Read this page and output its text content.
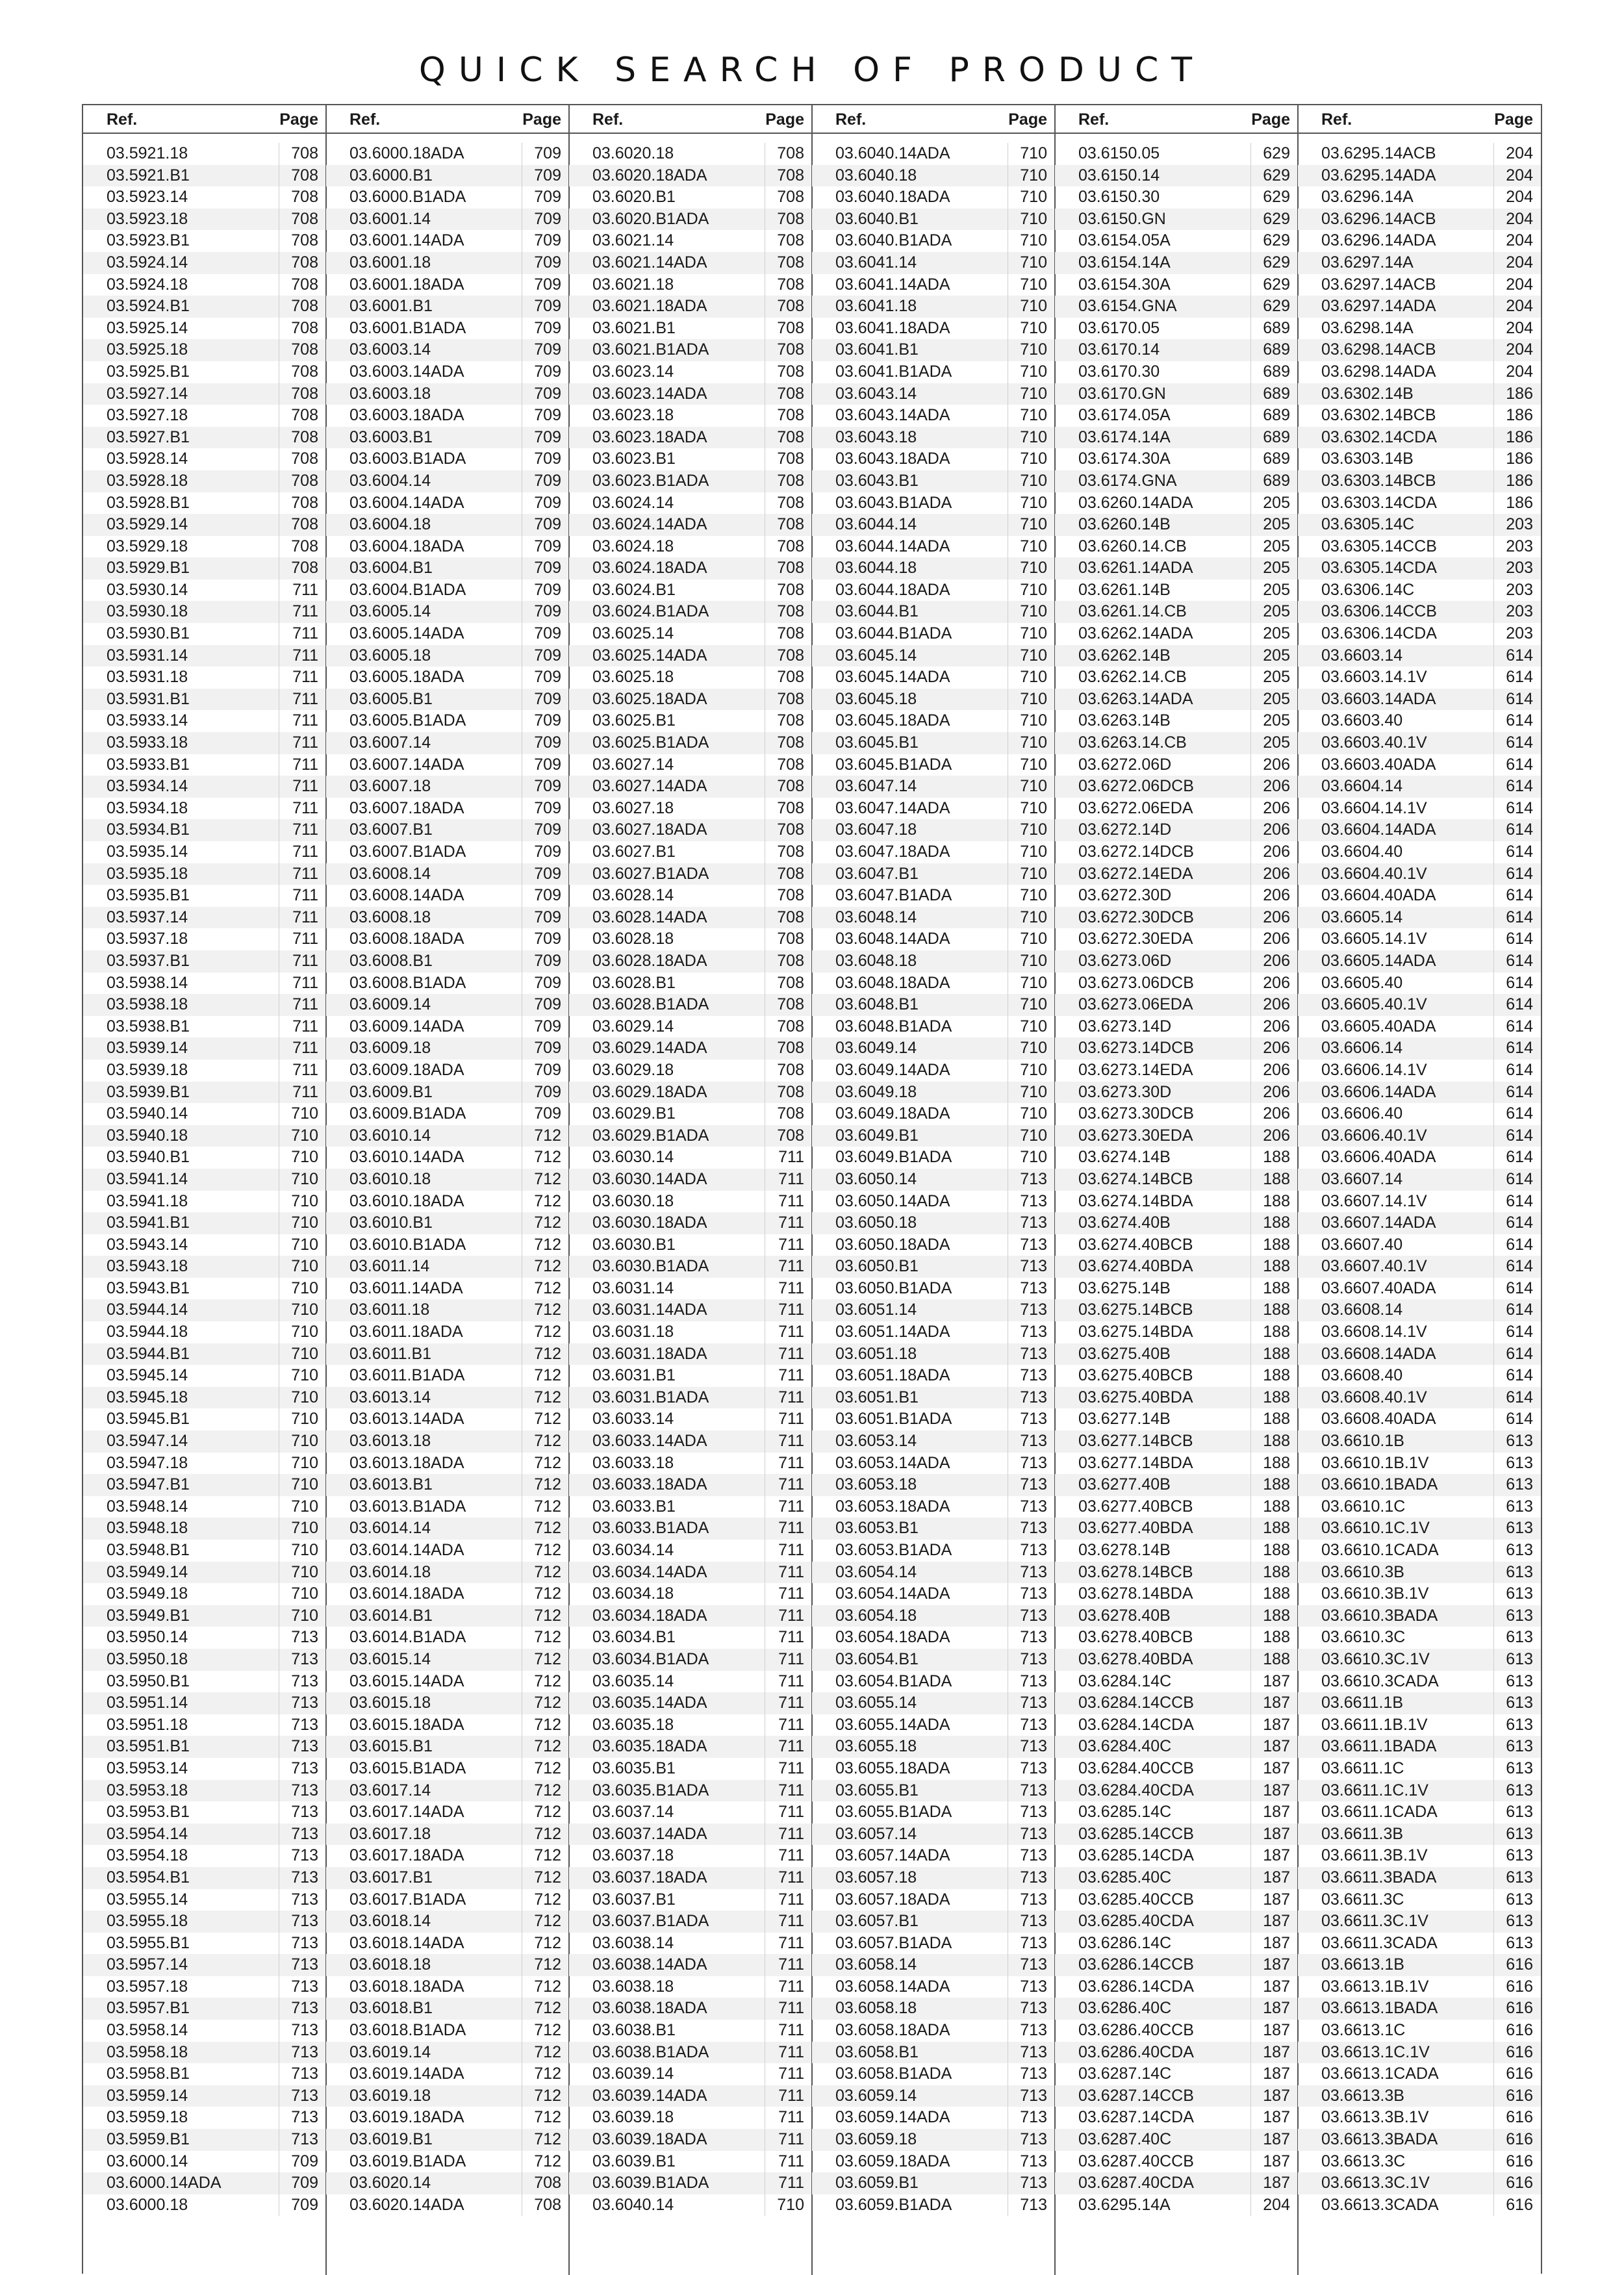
QUICK SEARCH OF PRODUCT
Ref.	Page
03.5921.18	708
03.5921.B1	708
03.5923.14	708
03.5923.18	708
03.5923.B1	708
03.5924.14	708
03.5924.18	708
03.5924.B1	708
03.5925.14	708
03.5925.18	708
03.5925.B1	708
03.5927.14	708
03.5927.18	708
03.5927.B1	708
03.5928.14	708
03.5928.18	708
03.5928.B1	708
03.5929.14	708
03.5929.18	708
03.5929.B1	708
03.5930.14	711
03.5930.18	711
03.5930.B1	711
03.5931.14	711
03.5931.18	711
03.5931.B1	711
03.5933.14	711
03.5933.18	711
03.5933.B1	711
03.5934.14	711
03.5934.18	711
03.5934.B1	711
03.5935.14	711
03.5935.18	711
03.5935.B1	711
03.5937.14	711
03.5937.18	711
03.5937.B1	711
03.5938.14	711
03.5938.18	711
03.5938.B1	711
03.5939.14	711
03.5939.18	711
03.5939.B1	711
03.5940.14	710
03.5940.18	710
03.5940.B1	710
03.5941.14	710
03.5941.18	710
03.5941.B1	710
03.5943.14	710
03.5943.18	710
03.5943.B1	710
03.5944.14	710
03.5944.18	710
03.5944.B1	710
03.5945.14	710
03.5945.18	710
03.5945.B1	710
03.5947.14	710
03.5947.18	710
03.5947.B1	710
03.5948.14	710
03.5948.18	710
03.5948.B1	710
03.5949.14	710
03.5949.18	710
03.5949.B1	710
03.5950.14	713
03.5950.18	713
03.5950.B1	713
03.5951.14	713
03.5951.18	713
03.5951.B1	713
03.5953.14	713
03.5953.18	713
03.5953.B1	713
03.5954.14	713
03.5954.18	713
03.5954.B1	713
03.5955.14	713
03.5955.18	713
03.5955.B1	713
03.5957.14	713
03.5957.18	713
03.5957.B1	713
03.5958.14	713
03.5958.18	713
03.5958.B1	713
03.5959.14	713
03.5959.18	713
03.5959.B1	713
03.6000.14	709
03.6000.14ADA	709
03.6000.18	709
Ref.	Page
03.6000.18ADA	709
03.6000.B1	709
03.6000.B1ADA	709
03.6001.14	709
03.6001.14ADA	709
03.6001.18	709
03.6001.18ADA	709
03.6001.B1	709
03.6001.B1ADA	709
03.6003.14	709
03.6003.14ADA	709
03.6003.18	709
03.6003.18ADA	709
03.6003.B1	709
03.6003.B1ADA	709
03.6004.14	709
03.6004.14ADA	709
03.6004.18	709
03.6004.18ADA	709
03.6004.B1	709
03.6004.B1ADA	709
03.6005.14	709
03.6005.14ADA	709
03.6005.18	709
03.6005.18ADA	709
03.6005.B1	709
03.6005.B1ADA	709
03.6007.14	709
03.6007.14ADA	709
03.6007.18	709
03.6007.18ADA	709
03.6007.B1	709
03.6007.B1ADA	709
03.6008.14	709
03.6008.14ADA	709
03.6008.18	709
03.6008.18ADA	709
03.6008.B1	709
03.6008.B1ADA	709
03.6009.14	709
03.6009.14ADA	709
03.6009.18	709
03.6009.18ADA	709
03.6009.B1	709
03.6009.B1ADA	709
03.6010.14	712
03.6010.14ADA	712
03.6010.18	712
03.6010.18ADA	712
03.6010.B1	712
03.6010.B1ADA	712
03.6011.14	712
03.6011.14ADA	712
03.6011.18	712
03.6011.18ADA	712
03.6011.B1	712
03.6011.B1ADA	712
03.6013.14	712
03.6013.14ADA	712
03.6013.18	712
03.6013.18ADA	712
03.6013.B1	712
03.6013.B1ADA	712
03.6014.14	712
03.6014.14ADA	712
03.6014.18	712
03.6014.18ADA	712
03.6014.B1	712
03.6014.B1ADA	712
03.6015.14	712
03.6015.14ADA	712
03.6015.18	712
03.6015.18ADA	712
03.6015.B1	712
03.6015.B1ADA	712
03.6017.14	712
03.6017.14ADA	712
03.6017.18	712
03.6017.18ADA	712
03.6017.B1	712
03.6017.B1ADA	712
03.6018.14	712
03.6018.14ADA	712
03.6018.18	712
03.6018.18ADA	712
03.6018.B1	712
03.6018.B1ADA	712
03.6019.14	712
03.6019.14ADA	712
03.6019.18	712
03.6019.18ADA	712
03.6019.B1	712
03.6019.B1ADA	712
03.6020.14	708
03.6020.14ADA	708
Ref.	Page
03.6020.18	708
03.6020.18ADA	708
03.6020.B1	708
03.6020.B1ADA	708
03.6021.14	708
03.6021.14ADA	708
03.6021.18	708
03.6021.18ADA	708
03.6021.B1	708
03.6021.B1ADA	708
03.6023.14	708
03.6023.14ADA	708
03.6023.18	708
03.6023.18ADA	708
03.6023.B1	708
03.6023.B1ADA	708
03.6024.14	708
03.6024.14ADA	708
03.6024.18	708
03.6024.18ADA	708
03.6024.B1	708
03.6024.B1ADA	708
03.6025.14	708
03.6025.14ADA	708
03.6025.18	708
03.6025.18ADA	708
03.6025.B1	708
03.6025.B1ADA	708
03.6027.14	708
03.6027.14ADA	708
03.6027.18	708
03.6027.18ADA	708
03.6027.B1	708
03.6027.B1ADA	708
03.6028.14	708
03.6028.14ADA	708
03.6028.18	708
03.6028.18ADA	708
03.6028.B1	708
03.6028.B1ADA	708
03.6029.14	708
03.6029.14ADA	708
03.6029.18	708
03.6029.18ADA	708
03.6029.B1	708
03.6029.B1ADA	708
03.6030.14	711
03.6030.14ADA	711
03.6030.18	711
03.6030.18ADA	711
03.6030.B1	711
03.6030.B1ADA	711
03.6031.14	711
03.6031.14ADA	711
03.6031.18	711
03.6031.18ADA	711
03.6031.B1	711
03.6031.B1ADA	711
03.6033.14	711
03.6033.14ADA	711
03.6033.18	711
03.6033.18ADA	711
03.6033.B1	711
03.6033.B1ADA	711
03.6034.14	711
03.6034.14ADA	711
03.6034.18	711
03.6034.18ADA	711
03.6034.B1	711
03.6034.B1ADA	711
03.6035.14	711
03.6035.14ADA	711
03.6035.18	711
03.6035.18ADA	711
03.6035.B1	711
03.6035.B1ADA	711
03.6037.14	711
03.6037.14ADA	711
03.6037.18	711
03.6037.18ADA	711
03.6037.B1	711
03.6037.B1ADA	711
03.6038.14	711
03.6038.14ADA	711
03.6038.18	711
03.6038.18ADA	711
03.6038.B1	711
03.6038.B1ADA	711
03.6039.14	711
03.6039.14ADA	711
03.6039.18	711
03.6039.18ADA	711
03.6039.B1	711
03.6039.B1ADA	711
03.6040.14	710
Ref.	Page
03.6040.14ADA	710
03.6040.18	710
03.6040.18ADA	710
03.6040.B1	710
03.6040.B1ADA	710
03.6041.14	710
03.6041.14ADA	710
03.6041.18	710
03.6041.18ADA	710
03.6041.B1	710
03.6041.B1ADA	710
03.6043.14	710
03.6043.14ADA	710
03.6043.18	710
03.6043.18ADA	710
03.6043.B1	710
03.6043.B1ADA	710
03.6044.14	710
03.6044.14ADA	710
03.6044.18	710
03.6044.18ADA	710
03.6044.B1	710
03.6044.B1ADA	710
03.6045.14	710
03.6045.14ADA	710
03.6045.18	710
03.6045.18ADA	710
03.6045.B1	710
03.6045.B1ADA	710
03.6047.14	710
03.6047.14ADA	710
03.6047.18	710
03.6047.18ADA	710
03.6047.B1	710
03.6047.B1ADA	710
03.6048.14	710
03.6048.14ADA	710
03.6048.18	710
03.6048.18ADA	710
03.6048.B1	710
03.6048.B1ADA	710
03.6049.14	710
03.6049.14ADA	710
03.6049.18	710
03.6049.18ADA	710
03.6049.B1	710
03.6049.B1ADA	710
03.6050.14	713
03.6050.14ADA	713
03.6050.18	713
03.6050.18ADA	713
03.6050.B1	713
03.6050.B1ADA	713
03.6051.14	713
03.6051.14ADA	713
03.6051.18	713
03.6051.18ADA	713
03.6051.B1	713
03.6051.B1ADA	713
03.6053.14	713
03.6053.14ADA	713
03.6053.18	713
03.6053.18ADA	713
03.6053.B1	713
03.6053.B1ADA	713
03.6054.14	713
03.6054.14ADA	713
03.6054.18	713
03.6054.18ADA	713
03.6054.B1	713
03.6054.B1ADA	713
03.6055.14	713
03.6055.14ADA	713
03.6055.18	713
03.6055.18ADA	713
03.6055.B1	713
03.6055.B1ADA	713
03.6057.14	713
03.6057.14ADA	713
03.6057.18	713
03.6057.18ADA	713
03.6057.B1	713
03.6057.B1ADA	713
03.6058.14	713
03.6058.14ADA	713
03.6058.18	713
03.6058.18ADA	713
03.6058.B1	713
03.6058.B1ADA	713
03.6059.14	713
03.6059.14ADA	713
03.6059.18	713
03.6059.18ADA	713
03.6059.B1	713
03.6059.B1ADA	713
Ref.	Page
03.6150.05	629
03.6150.14	629
03.6150.30	629
03.6150.GN	629
03.6154.05A	629
03.6154.14A	629
03.6154.30A	629
03.6154.GNA	629
03.6170.05	689
03.6170.14	689
03.6170.30	689
03.6170.GN	689
03.6174.05A	689
03.6174.14A	689
03.6174.30A	689
03.6174.GNA	689
03.6260.14ADA	205
03.6260.14B	205
03.6260.14.CB	205
03.6261.14ADA	205
03.6261.14B	205
03.6261.14.CB	205
03.6262.14ADA	205
03.6262.14B	205
03.6262.14.CB	205
03.6263.14ADA	205
03.6263.14B	205
03.6263.14.CB	205
03.6272.06D	206
03.6272.06DCB	206
03.6272.06EDA	206
03.6272.14D	206
03.6272.14DCB	206
03.6272.14EDA	206
03.6272.30D	206
03.6272.30DCB	206
03.6272.30EDA	206
03.6273.06D	206
03.6273.06DCB	206
03.6273.06EDA	206
03.6273.14D	206
03.6273.14DCB	206
03.6273.14EDA	206
03.6273.30D	206
03.6273.30DCB	206
03.6273.30EDA	206
03.6274.14B	188
03.6274.14BCB	188
03.6274.14BDA	188
03.6274.40B	188
03.6274.40BCB	188
03.6274.40BDA	188
03.6275.14B	188
03.6275.14BCB	188
03.6275.14BDA	188
03.6275.40B	188
03.6275.40BCB	188
03.6275.40BDA	188
03.6277.14B	188
03.6277.14BCB	188
03.6277.14BDA	188
03.6277.40B	188
03.6277.40BCB	188
03.6277.40BDA	188
03.6278.14B	188
03.6278.14BCB	188
03.6278.14BDA	188
03.6278.40B	188
03.6278.40BCB	188
03.6278.40BDA	188
03.6284.14C	187
03.6284.14CCB	187
03.6284.14CDA	187
03.6284.40C	187
03.6284.40CCB	187
03.6284.40CDA	187
03.6285.14C	187
03.6285.14CCB	187
03.6285.14CDA	187
03.6285.40C	187
03.6285.40CCB	187
03.6285.40CDA	187
03.6286.14C	187
03.6286.14CCB	187
03.6286.14CDA	187
03.6286.40C	187
03.6286.40CCB	187
03.6286.40CDA	187
03.6287.14C	187
03.6287.14CCB	187
03.6287.14CDA	187
03.6287.40C	187
03.6287.40CCB	187
03.6287.40CDA	187
03.6295.14A	204
Ref.	Page
03.6295.14ACB	204
03.6295.14ADA	204
03.6296.14A	204
03.6296.14ACB	204
03.6296.14ADA	204
03.6297.14A	204
03.6297.14ACB	204
03.6297.14ADA	204
03.6298.14A	204
03.6298.14ACB	204
03.6298.14ADA	204
03.6302.14B	186
03.6302.14BCB	186
03.6302.14CDA	186
03.6303.14B	186
03.6303.14BCB	186
03.6303.14CDA	186
03.6305.14C	203
03.6305.14CCB	203
03.6305.14CDA	203
03.6306.14C	203
03.6306.14CCB	203
03.6306.14CDA	203
03.6603.14	614
03.6603.14.1V	614
03.6603.14ADA	614
03.6603.40	614
03.6603.40.1V	614
03.6603.40ADA	614
03.6604.14	614
03.6604.14.1V	614
03.6604.14ADA	614
03.6604.40	614
03.6604.40.1V	614
03.6604.40ADA	614
03.6605.14	614
03.6605.14.1V	614
03.6605.14ADA	614
03.6605.40	614
03.6605.40.1V	614
03.6605.40ADA	614
03.6606.14	614
03.6606.14.1V	614
03.6606.14ADA	614
03.6606.40	614
03.6606.40.1V	614
03.6606.40ADA	614
03.6607.14	614
03.6607.14.1V	614
03.6607.14ADA	614
03.6607.40	614
03.6607.40.1V	614
03.6607.40ADA	614
03.6608.14	614
03.6608.14.1V	614
03.6608.14ADA	614
03.6608.40	614
03.6608.40.1V	614
03.6608.40ADA	614
03.6610.1B	613
03.6610.1B.1V	613
03.6610.1BADA	613
03.6610.1C	613
03.6610.1C.1V	613
03.6610.1CADA	613
03.6610.3B	613
03.6610.3B.1V	613
03.6610.3BADA	613
03.6610.3C	613
03.6610.3C.1V	613
03.6610.3CADA	613
03.6611.1B	613
03.6611.1B.1V	613
03.6611.1BADA	613
03.6611.1C	613
03.6611.1C.1V	613
03.6611.1CADA	613
03.6611.3B	613
03.6611.3B.1V	613
03.6611.3BADA	613
03.6611.3C	613
03.6611.3C.1V	613
03.6611.3CADA	613
03.6613.1B	616
03.6613.1B.1V	616
03.6613.1BADA	616
03.6613.1C	616
03.6613.1C.1V	616
03.6613.1CADA	616
03.6613.3B	616
03.6613.3B.1V	616
03.6613.3BADA	616
03.6613.3C	616
03.6613.3C.1V	616
03.6613.3CADA	616
